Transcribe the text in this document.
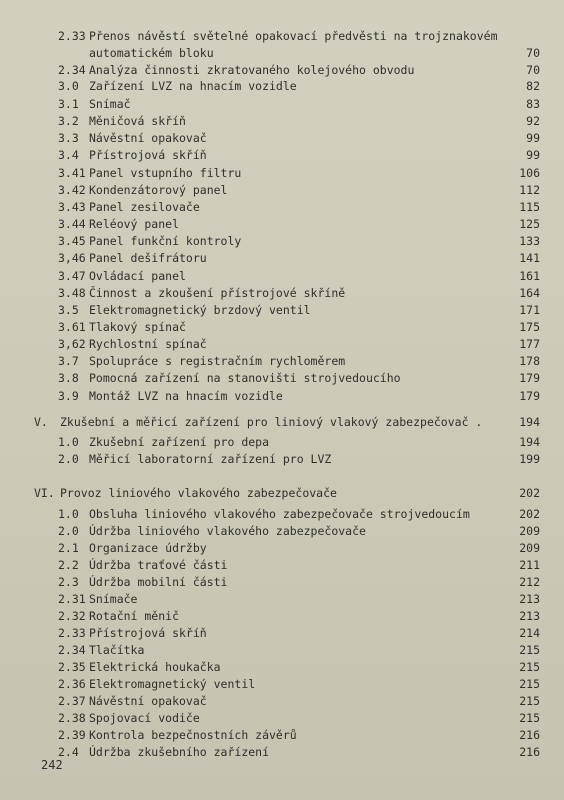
2.33 Přenos návěstí světelné opakovací předvěsti na trojznakovém
automatickém bloku	70
2.34 Analýza činnosti zkratovaného kolejového obvodu	70
3.0 Zařízení LVZ na hnacím vozidle	82
3.1 Snímač	83
3.2 Měničová skříň	92
3.3 Návěstní opakovač	99
3.4 Přístrojová skříň	99
3.41 Panel vstupního filtru	106
3.42 Kondenzátorový panel	112
3.43 Panel zesilovače	115
3.44 Reléový panel	125
3.45 Panel funkční kontroly	133
3,46 Panel dešifrátoru	141
3.47 Ovládací panel	161
3.48 Činnost a zkoušení přístrojové skříně	164
3.5 Elektromagnetický brzdový ventil	171
3.61 Tlakový spínač	175
3,62 Rychlostní spínač	177
3.7 Spolupráce s registračním rychloměrem	178
3.8 Pomocná zařízení na stanovišti strojvedoucího	179
3.9 Montáž LVZ na hnacím vozidle	179
V. Zkušební a měřicí zařízení pro liniový vlakový zabezpečovač .	194
1.0 Zkušební zařízení pro depa	194
2.0 Měřicí laboratorní zařízení pro LVZ	199
VI. Provoz liniového vlakového zabezpečovače	202
1.0 Obsluha liniového vlakového zabezpečovače strojvedoucím	202
2.0 Údržba liniového vlakového zabezpečovače	209
2.1 Organizace údržby	209
2.2 Údržba traťové části	211
2.3 Údržba mobilní části	212
2.31 Snímače	213
2.32 Rotační měnič	213
2.33 Přístrojová skříň	214
2.34 Tlačítka	215
2.35 Elektrická houkačka	215
2.36 Elektromagnetický ventil	215
2.37 Návěstní opakovač	215
2.38 Spojovací vodiče	215
2.39 Kontrola bezpečnostních závěrů	216
2.4 Údržba zkušebního zařízení	216
242
